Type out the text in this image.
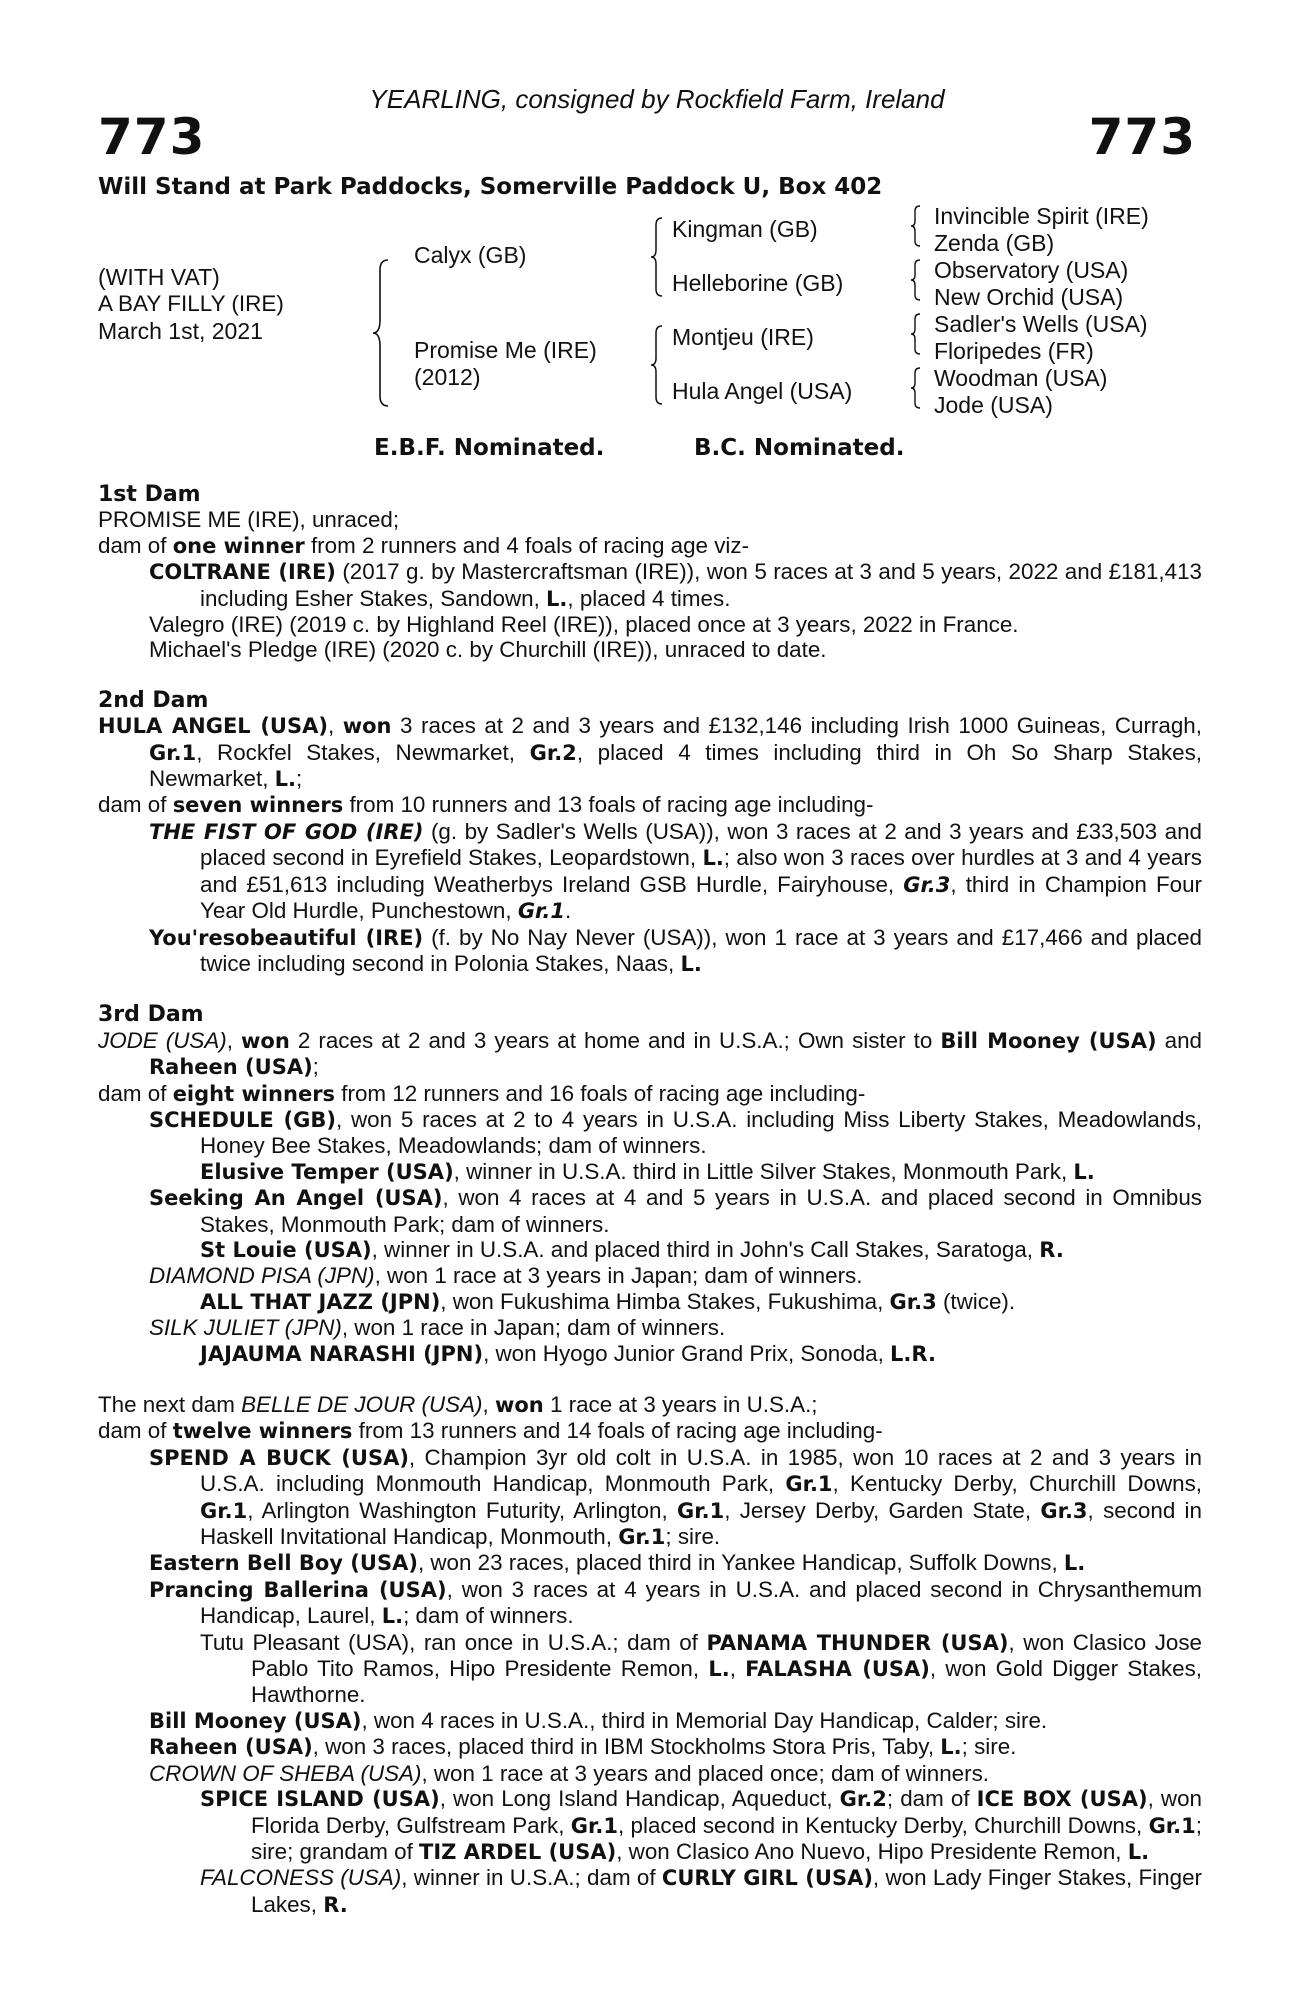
YEARLING, consigned by Rockfield Farm, Ireland
773	773
Will Stand at Park Paddocks, Somerville Paddock U, Box 402
(WITH VAT)
A BAY FILLY (IRE)
March 1st, 2021
Calyx (GB)
Promise Me (IRE)
(2012)
Kingman (GB)
Helleborine (GB)
Montjeu (IRE)
Hula Angel (USA)
Invincible Spirit (IRE)
Zenda (GB)
Observatory (USA)
New Orchid (USA)
Sadler's Wells (USA)
Floripedes (FR)
Woodman (USA)
Jode (USA)
E.B.F. Nominated.	B.C. Nominated.

1st Dam

PROMISE ME (IRE), unraced;

dam of one winner from 2 runners and 4 foals of racing age viz-

COLTRANE (IRE) (2017 g. by Mastercraftsman (IRE)), won 5 races at 3 and 5 years, 2022 and £181,413 including Esher Stakes, Sandown, L., placed 4 times.

Valegro (IRE) (2019 c. by Highland Reel (IRE)), placed once at 3 years, 2022 in France.

Michael's Pledge (IRE) (2020 c. by Churchill (IRE)), unraced to date.

2nd Dam

HULA ANGEL (USA), won 3 races at 2 and 3 years and £132,146 including Irish 1000 Guineas, Curragh, Gr.1, Rockfel Stakes, Newmarket, Gr.2, placed 4 times including third in Oh So Sharp Stakes, Newmarket, L.;

dam of seven winners from 10 runners and 13 foals of racing age including-

THE FIST OF GOD (IRE) (g. by Sadler's Wells (USA)), won 3 races at 2 and 3 years and £33,503 and placed second in Eyrefield Stakes, Leopardstown, L.; also won 3 races over hurdles at 3 and 4 years and £51,613 including Weatherbys Ireland GSB Hurdle, Fairyhouse, Gr.3, third in Champion Four Year Old Hurdle, Punchestown, Gr.1.

You'resobeautiful (IRE) (f. by No Nay Never (USA)), won 1 race at 3 years and £17,466 and placed twice including second in Polonia Stakes, Naas, L.

3rd Dam

JODE (USA), won 2 races at 2 and 3 years at home and in U.S.A.; Own sister to Bill Mooney (USA) and Raheen (USA);

dam of eight winners from 12 runners and 16 foals of racing age including-

SCHEDULE (GB), won 5 races at 2 to 4 years in U.S.A. including Miss Liberty Stakes, Meadowlands, Honey Bee Stakes, Meadowlands; dam of winners.

Elusive Temper (USA), winner in U.S.A. third in Little Silver Stakes, Monmouth Park, L.

Seeking An Angel (USA), won 4 races at 4 and 5 years in U.S.A. and placed second in Omnibus Stakes, Monmouth Park; dam of winners.

St Louie (USA), winner in U.S.A. and placed third in John's Call Stakes, Saratoga, R.

DIAMOND PISA (JPN), won 1 race at 3 years in Japan; dam of winners.

ALL THAT JAZZ (JPN), won Fukushima Himba Stakes, Fukushima, Gr.3 (twice).

SILK JULIET (JPN), won 1 race in Japan; dam of winners.

JAJAUMA NARASHI (JPN), won Hyogo Junior Grand Prix, Sonoda, L.R.

The next dam BELLE DE JOUR (USA), won 1 race at 3 years in U.S.A.;

dam of twelve winners from 13 runners and 14 foals of racing age including-

SPEND A BUCK (USA), Champion 3yr old colt in U.S.A. in 1985, won 10 races at 2 and 3 years in U.S.A. including Monmouth Handicap, Monmouth Park, Gr.1, Kentucky Derby, Churchill Downs, Gr.1, Arlington Washington Futurity, Arlington, Gr.1, Jersey Derby, Garden State, Gr.3, second in Haskell Invitational Handicap, Monmouth, Gr.1; sire.

Eastern Bell Boy (USA), won 23 races, placed third in Yankee Handicap, Suffolk Downs, L.

Prancing Ballerina (USA), won 3 races at 4 years in U.S.A. and placed second in Chrysanthemum Handicap, Laurel, L.; dam of winners.

Tutu Pleasant (USA), ran once in U.S.A.; dam of PANAMA THUNDER (USA), won Clasico Jose Pablo Tito Ramos, Hipo Presidente Remon, L., FALASHA (USA), won Gold Digger Stakes, Hawthorne.

Bill Mooney (USA), won 4 races in U.S.A., third in Memorial Day Handicap, Calder; sire.

Raheen (USA), won 3 races, placed third in IBM Stockholms Stora Pris, Taby, L.; sire.

CROWN OF SHEBA (USA), won 1 race at 3 years and placed once; dam of winners.

SPICE ISLAND (USA), won Long Island Handicap, Aqueduct, Gr.2; dam of ICE BOX (USA), won Florida Derby, Gulfstream Park, Gr.1, placed second in Kentucky Derby, Churchill Downs, Gr.1; sire; grandam of TIZ ARDEL (USA), won Clasico Ano Nuevo, Hipo Presidente Remon, L.

FALCONESS (USA), winner in U.S.A.; dam of CURLY GIRL (USA), won Lady Finger Stakes, Finger Lakes, R.
